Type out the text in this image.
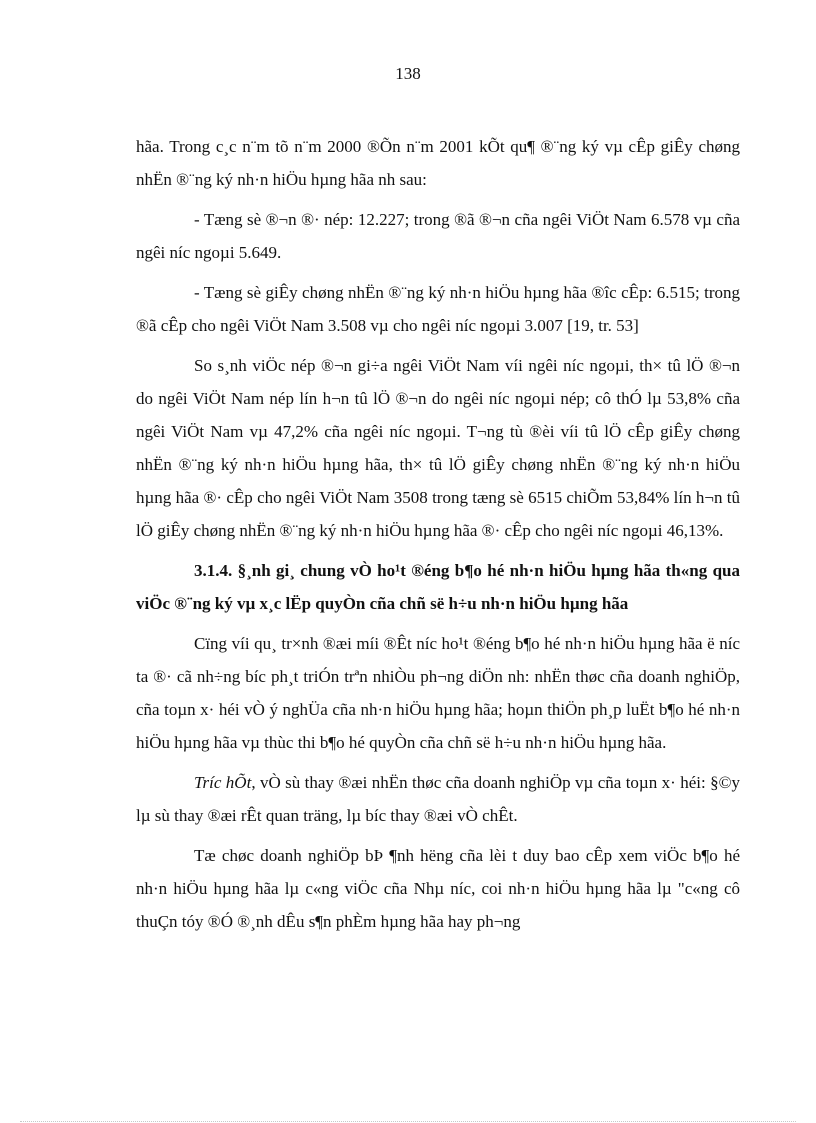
138

hãa. Trong c¸c n¨m tõ n¨m 2000 ®Õn n¨m 2001 kÕt qu¶ ®¨ng ký vµ cÊp giÊy chøng nhËn ®¨ng ký nh·n hiÖu hµng hãa nh sau:

- Tæng sè ®¬n ®· nép: 12.227; trong ®ã ®¬n cña ngêi ViÖt Nam 6.578 vµ cña ngêi níc ngoµi 5.649.

- Tæng sè giÊy chøng nhËn ®¨ng ký nh·n hiÖu hµng hãa ®îc cÊp: 6.515; trong ®ã cÊp cho ngêi ViÖt Nam 3.508 vµ cho ngêi níc ngoµi 3.007 [19, tr. 53]

So s¸nh viÖc nép ®¬n gi÷a ngêi ViÖt Nam víi ngêi níc ngoµi, th× tû lÖ ®¬n do ngêi ViÖt Nam nép lín h¬n tû lÖ ®¬n do ngêi níc ngoµi nép; cô thÓ lµ 53,8% cña ngêi ViÖt Nam vµ 47,2% cña ngêi níc ngoµi. T¬ng tù ®èi víi tû lÖ cÊp giÊy chøng nhËn ®¨ng ký nh·n hiÖu hµng hãa, th× tû lÖ giÊy chøng nhËn ®¨ng ký nh·n hiÖu hµng hãa ®· cÊp cho ngêi ViÖt Nam 3508 trong tæng sè 6515 chiÕm 53,84% lín h¬n tû lÖ giÊy chøng nhËn ®¨ng ký nh·n hiÖu hµng hãa ®· cÊp cho ngêi níc ngoµi 46,13%.

3.1.4. §¸nh gi¸ chung vÒ ho¹t ®éng b¶o hé nh·n hiÖu hµng hãa th«ng qua viÖc ®¨ng ký vµ x¸c lËp quyÒn cña chñ së h÷u nh·n hiÖu hµng hãa

Cïng víi qu¸ tr×nh ®æi míi ®Êt níc ho¹t ®éng b¶o hé nh·n hiÖu hµng hãa ë níc ta ®· cã nh÷ng bíc ph¸t triÓn trªn nhiÒu ph¬ng diÖn nh: nhËn thøc cña doanh nghiÖp, cña toµn x· héi vÒ ý nghÜa cña nh·n hiÖu hµng hãa; hoµn thiÖn ph¸p luËt b¶o hé nh·n hiÖu hµng hãa vµ thùc thi b¶o hé quyÒn cña chñ së h÷u nh·n hiÖu hµng hãa.

Tríc hÕt, vÒ sù thay ®æi nhËn thøc cña doanh nghiÖp vµ cña toµn x· héi: §©y lµ sù thay ®æi rÊt quan träng, lµ bíc thay ®æi vÒ chÊt.

Tæ chøc doanh nghiÖp bÞ ¶nh hëng cña lèi t duy bao cÊp xem viÖc b¶o hé nh·n hiÖu hµng hãa lµ c«ng viÖc cña Nhµ níc, coi nh·n hiÖu hµng hãa lµ "c«ng cô thuÇn tóy ®Ó ®¸nh dÊu s¶n phÈm hµng hãa hay ph¬ng
